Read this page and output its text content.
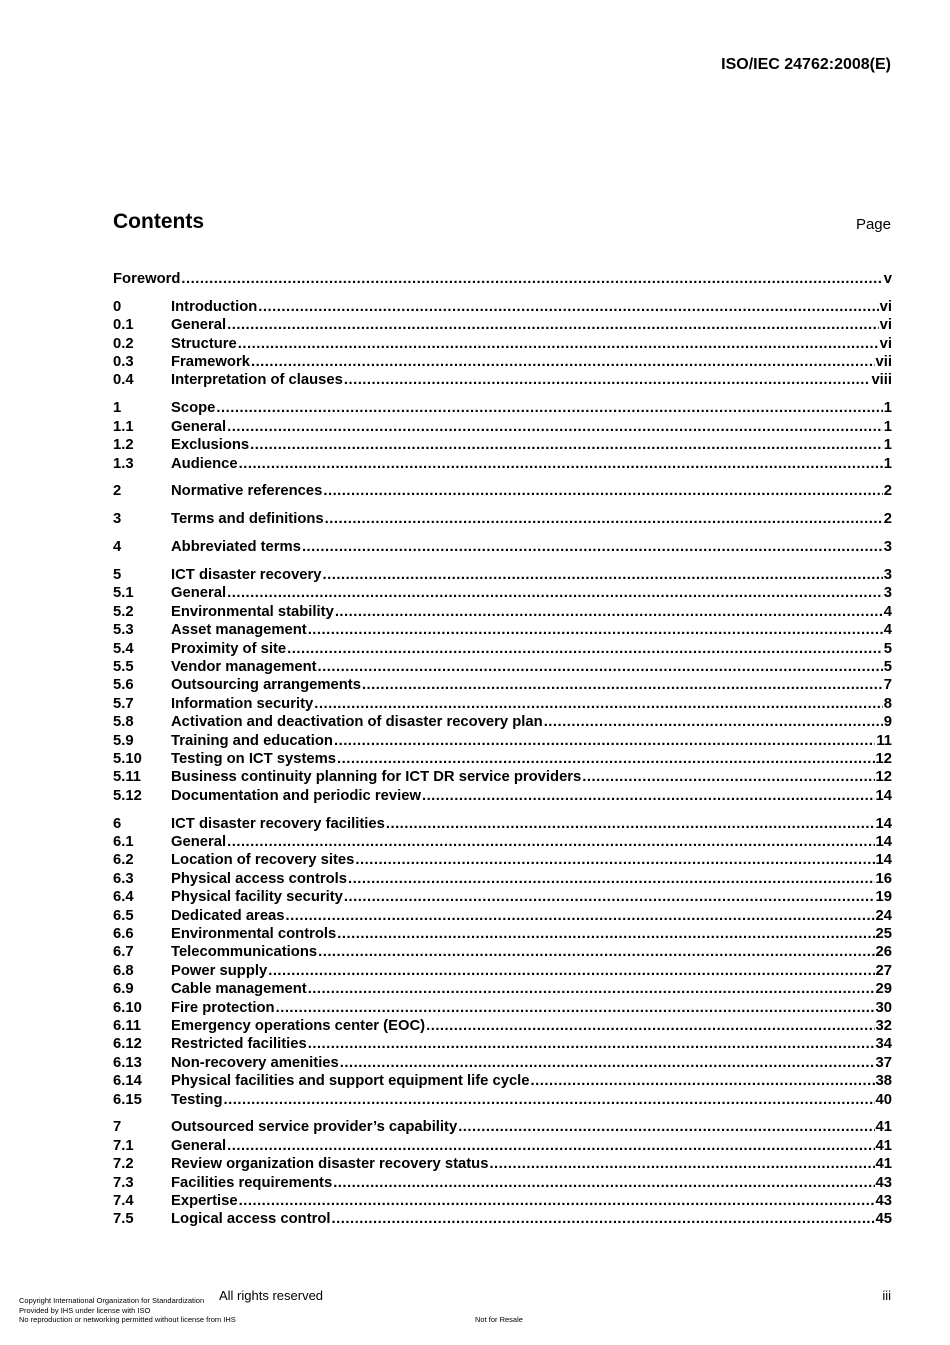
ISO/IEC 24762:2008(E)
Contents	Page
Foreword .....	v
0	Introduction .....	vi
0.1	General .....	vi
0.2	Structure .....	vi
0.3	Framework .....	vii
0.4	Interpretation of clauses .....	viii
1	Scope .....	1
1.1	General .....	1
1.2	Exclusions .....	1
1.3	Audience .....	1
2	Normative references .....	2
3	Terms and definitions .....	2
4	Abbreviated terms .....	3
5	ICT disaster recovery .....	3
5.1	General .....	3
5.2	Environmental stability .....	4
5.3	Asset management .....	4
5.4	Proximity of site .....	5
5.5	Vendor management .....	5
5.6	Outsourcing arrangements .....	7
5.7	Information security .....	8
5.8	Activation and deactivation of disaster recovery plan .....	9
5.9	Training and education .....	11
5.10	Testing on ICT systems .....	12
5.11	Business continuity planning for ICT DR service providers .....	12
5.12	Documentation and periodic review .....	14
6	ICT disaster recovery facilities .....	14
6.1	General .....	14
6.2	Location of recovery sites .....	14
6.3	Physical access controls .....	16
6.4	Physical facility security .....	19
6.5	Dedicated areas .....	24
6.6	Environmental controls .....	25
6.7	Telecommunications .....	26
6.8	Power supply .....	27
6.9	Cable management .....	29
6.10	Fire protection .....	30
6.11	Emergency operations center (EOC) .....	32
6.12	Restricted facilities .....	34
6.13	Non-recovery amenities .....	37
6.14	Physical facilities and support equipment life cycle .....	38
6.15	Testing .....	40
7	Outsourced service provider’s capability .....	41
7.1	General .....	41
7.2	Review organization disaster recovery status .....	41
7.3	Facilities requirements .....	43
7.4	Expertise .....	43
7.5	Logical access control .....	45
All rights reserved	iii
Copyright International Organization for Standardization
Provided by IHS under license with ISO
No reproduction or networking permitted without license from IHS	Not for Resale
